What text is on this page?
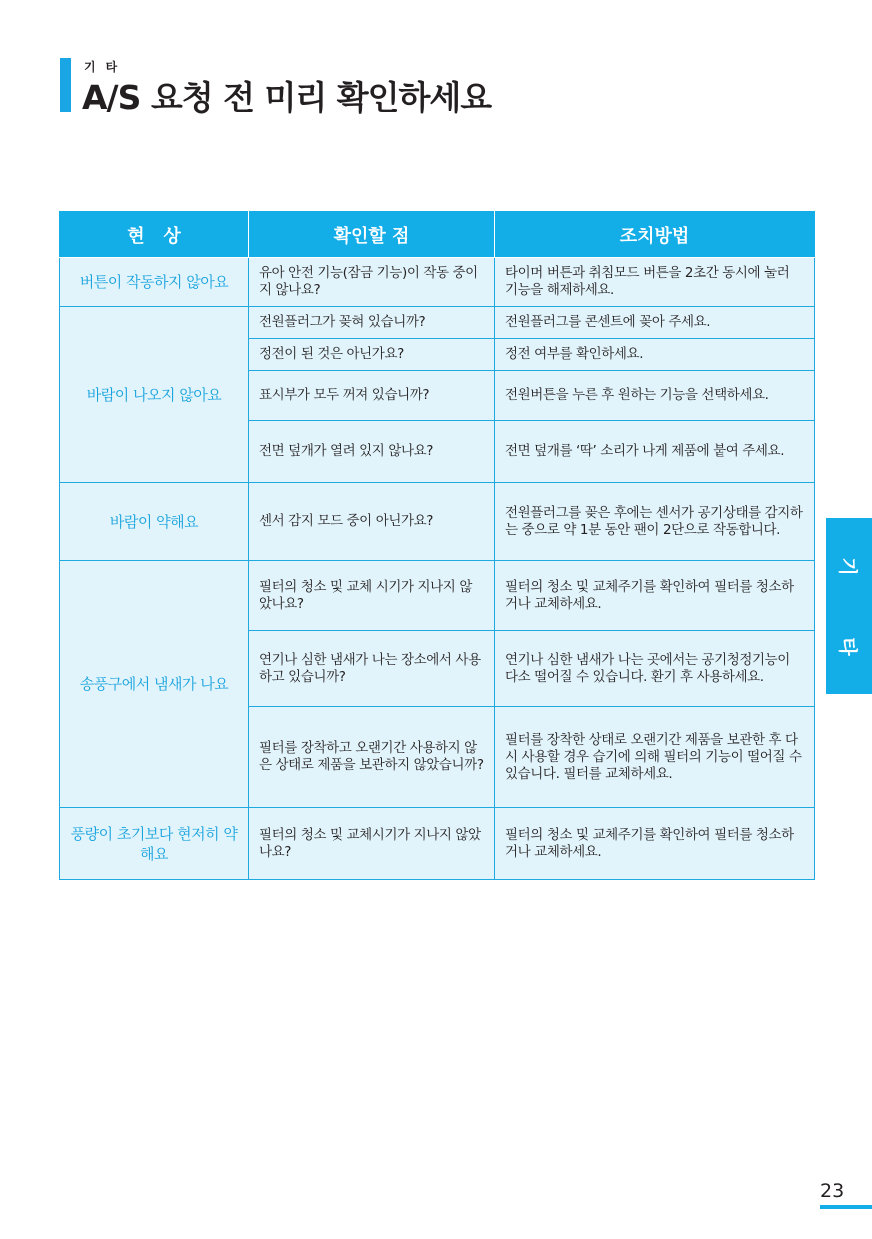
기타
A/S 요청 전 미리 확인하세요
현   상	확인할 점	조치방법
버튼이 작동하지 않아요	유아 안전 기능(잠금 기능)이 작동 중이지 않나요?	타이머 버튼과 취침모드 버튼을 2초간 동시에 눌러 기능을 해제하세요.
바람이 나오지 않아요	전원플러그가 꽂혀 있습니까?	전원플러그를 콘센트에 꽂아 주세요.
	정전이 된 것은 아닌가요?	정전 여부를 확인하세요.
	표시부가 모두 꺼져 있습니까?	전원버튼을 누른 후 원하는 기능을 선택하세요.
	전면 덮개가 열려 있지 않나요?	전면 덮개를 ‘딱’ 소리가 나게 제품에 붙여 주세요.
바람이 약해요	센서 감지 모드 중이 아닌가요?	전원플러그를 꽂은 후에는 센서가 공기상태를 감지하는 중으로 약 1분 동안 팬이 2단으로 작동합니다.
송풍구에서 냄새가 나요	필터의 청소 및 교체 시기가 지나지 않았나요?	필터의 청소 및 교체주기를 확인하여 필터를 청소하거나 교체하세요.
	연기나 심한 냄새가 나는 장소에서 사용하고 있습니까?	연기나 심한 냄새가 나는 곳에서는 공기청정기능이 다소 떨어질 수 있습니다. 환기 후 사용하세요.
	필터를 장착하고 오랜기간 사용하지 않은 상태로 제품을 보관하지 않았습니까?	필터를 장착한 상태로 오랜기간 제품을 보관한 후 다시 사용할 경우 습기에 의해 필터의 기능이 떨어질 수 있습니다. 필터를 교체하세요.
풍량이 초기보다 현저히 약해요	필터의 청소 및 교체시기가 지나지 않았나요?	필터의 청소 및 교체주기를 확인하여 필터를 청소하거나 교체하세요.
기
타
23
